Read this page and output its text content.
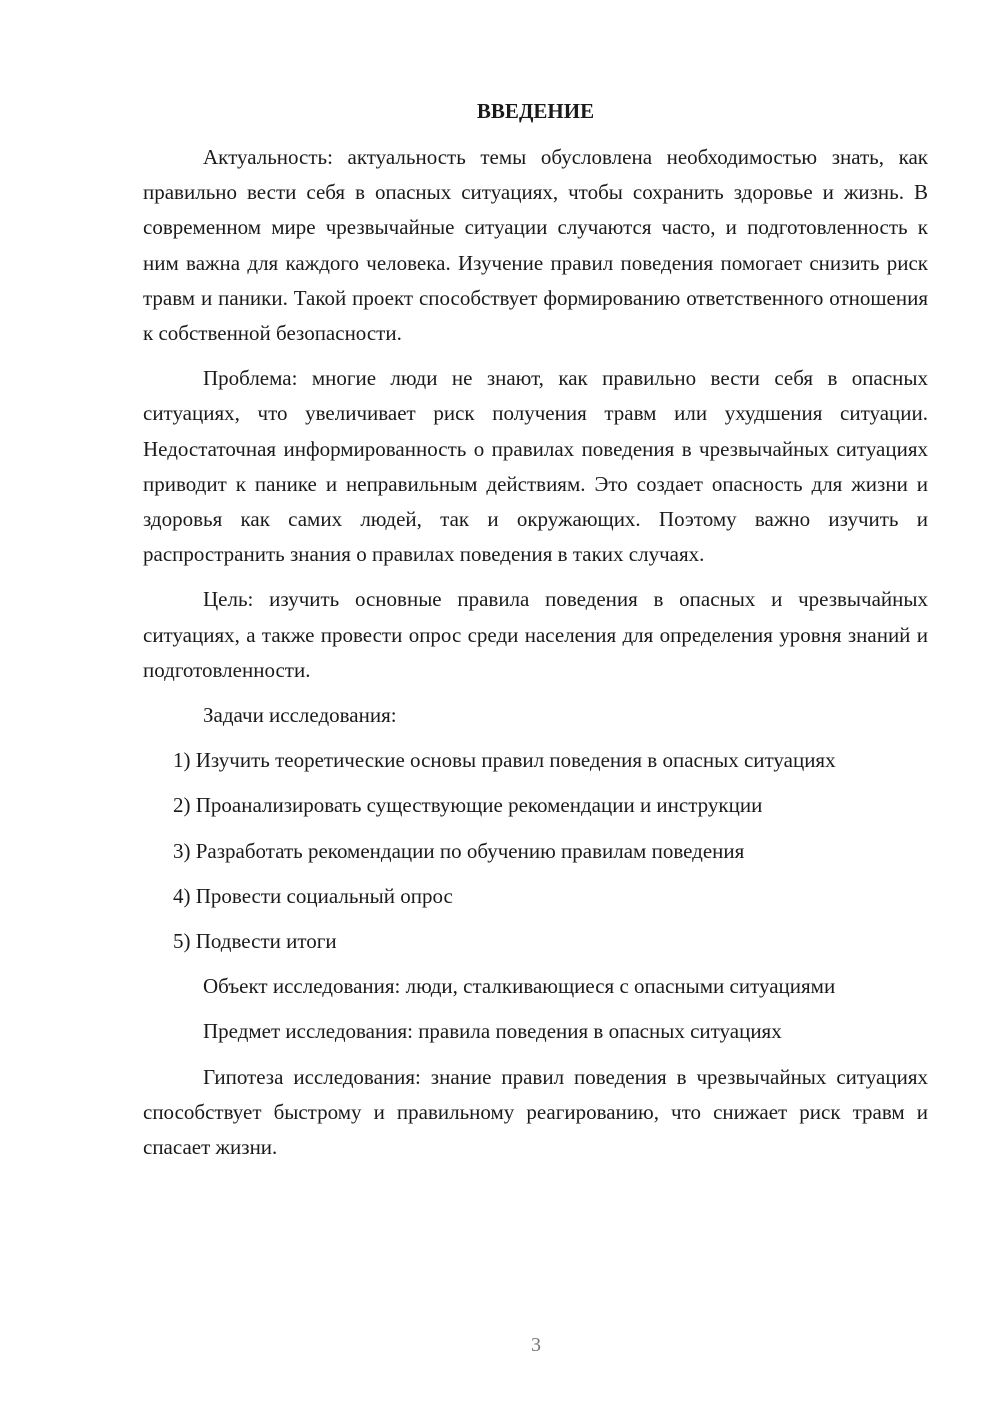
ВВЕДЕНИЕ

Актуальность: актуальность темы обусловлена необходимостью знать, как правильно вести себя в опасных ситуациях, чтобы сохранить здоровье и жизнь. В современном мире чрезвычайные ситуации случаются часто, и подготовленность к ним важна для каждого человека. Изучение правил поведения помогает снизить риск травм и паники. Такой проект способствует формированию ответственного отношения к собственной безопасности.

Проблема: многие люди не знают, как правильно вести себя в опасных ситуациях, что увеличивает риск получения травм или ухудшения ситуации. Недостаточная информированность о правилах поведения в чрезвычайных ситуациях приводит к панике и неправильным действиям. Это создает опасность для жизни и здоровья как самих людей, так и окружающих. Поэтому важно изучить и распространить знания о правилах поведения в таких случаях.

Цель: изучить основные правила поведения в опасных и чрезвычайных ситуациях, а также провести опрос среди населения для определения уровня знаний и подготовленности.

Задачи исследования:

1) Изучить теоретические основы правил поведения в опасных ситуациях

2) Проанализировать существующие рекомендации и инструкции

3) Разработать рекомендации по обучению правилам поведения

4) Провести социальный опрос

5) Подвести итоги

Объект исследования: люди, сталкивающиеся с опасными ситуациями

Предмет исследования: правила поведения в опасных ситуациях

Гипотеза исследования: знание правил поведения в чрезвычайных ситуациях способствует быстрому и правильному реагированию, что снижает риск травм и спасает жизни.

3
